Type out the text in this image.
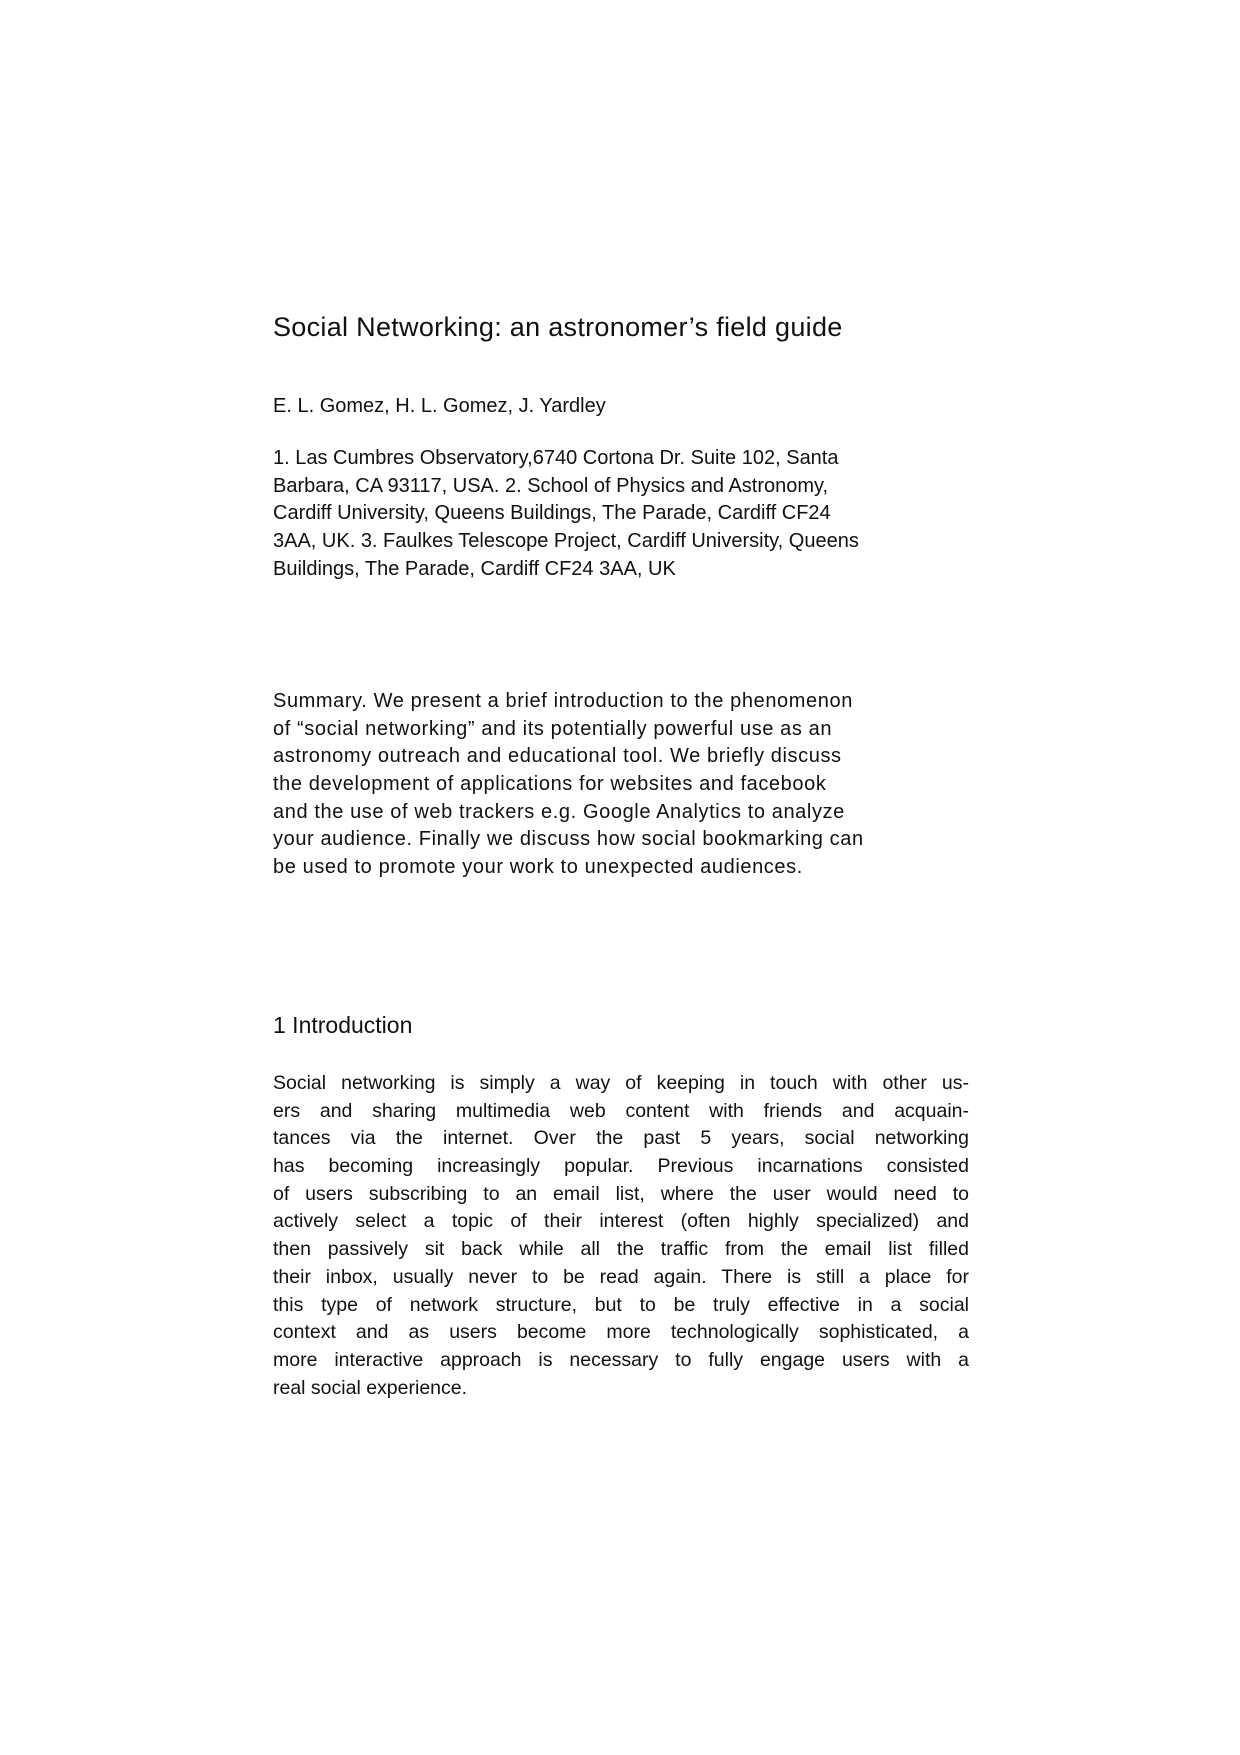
Social Networking: an astronomer’s field guide
E. L. Gomez, H. L. Gomez, J. Yardley
1. Las Cumbres Observatory,6740 Cortona Dr. Suite 102, Santa
Barbara, CA 93117, USA. 2. School of Physics and Astronomy,
Cardiff University, Queens Buildings, The Parade, Cardiff CF24
3AA, UK. 3. Faulkes Telescope Project, Cardiff University, Queens
Buildings, The Parade, Cardiff CF24 3AA, UK
Summary. We present a brief introduction to the phenomenon
of “social networking” and its potentially powerful use as an
astronomy outreach and educational tool. We briefly discuss
the development of applications for websites and facebook
and the use of web trackers e.g. Google Analytics to analyze
your audience. Finally we discuss how social bookmarking can
be used to promote your work to unexpected audiences.
1 Introduction
Social networking is simply a way of keeping in touch with other us-
ers and sharing multimedia web content with friends and acquain-
tances via the internet. Over the past 5 years, social networking
has becoming increasingly popular. Previous incarnations consisted
of users subscribing to an email list, where the user would need to
actively select a topic of their interest (often highly specialized) and
then passively sit back while all the traffic from the email list filled
their inbox, usually never to be read again. There is still a place for
this type of network structure, but to be truly effective in a social
context and as users become more technologically sophisticated, a
more interactive approach is necessary to fully engage users with a
real social experience.
